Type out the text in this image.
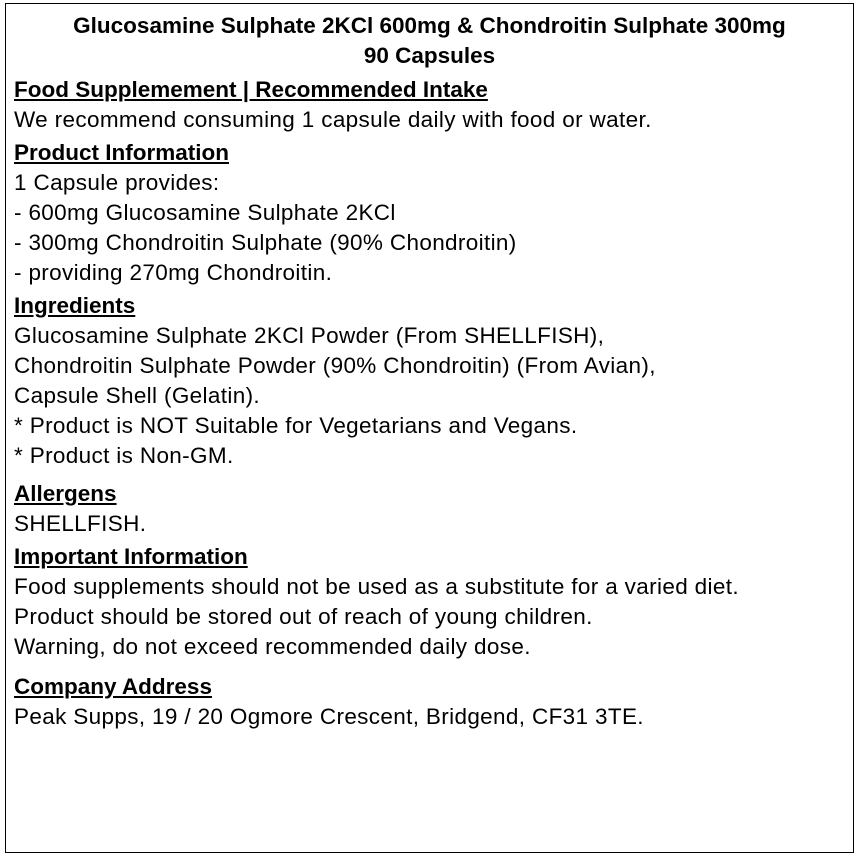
Glucosamine Sulphate 2KCl 600mg & Chondroitin Sulphate 300mg
90 Capsules
Food Supplemement | Recommended Intake
We recommend consuming 1 capsule daily with food or water.
Product Information
1 Capsule provides:
- 600mg Glucosamine Sulphate 2KCl
- 300mg Chondroitin Sulphate (90% Chondroitin)
- providing 270mg Chondroitin.
Ingredients
Glucosamine Sulphate 2KCl Powder (From SHELLFISH),
Chondroitin Sulphate Powder (90% Chondroitin) (From Avian),
Capsule Shell (Gelatin).
* Product is NOT Suitable for Vegetarians and Vegans.
* Product is Non-GM.
Allergens
SHELLFISH.
Important Information
Food supplements should not be used as a substitute for a varied diet.
Product should be stored out of reach of young children.
Warning, do not exceed recommended daily dose.
Company Address
Peak Supps, 19 / 20 Ogmore Crescent, Bridgend, CF31 3TE.
